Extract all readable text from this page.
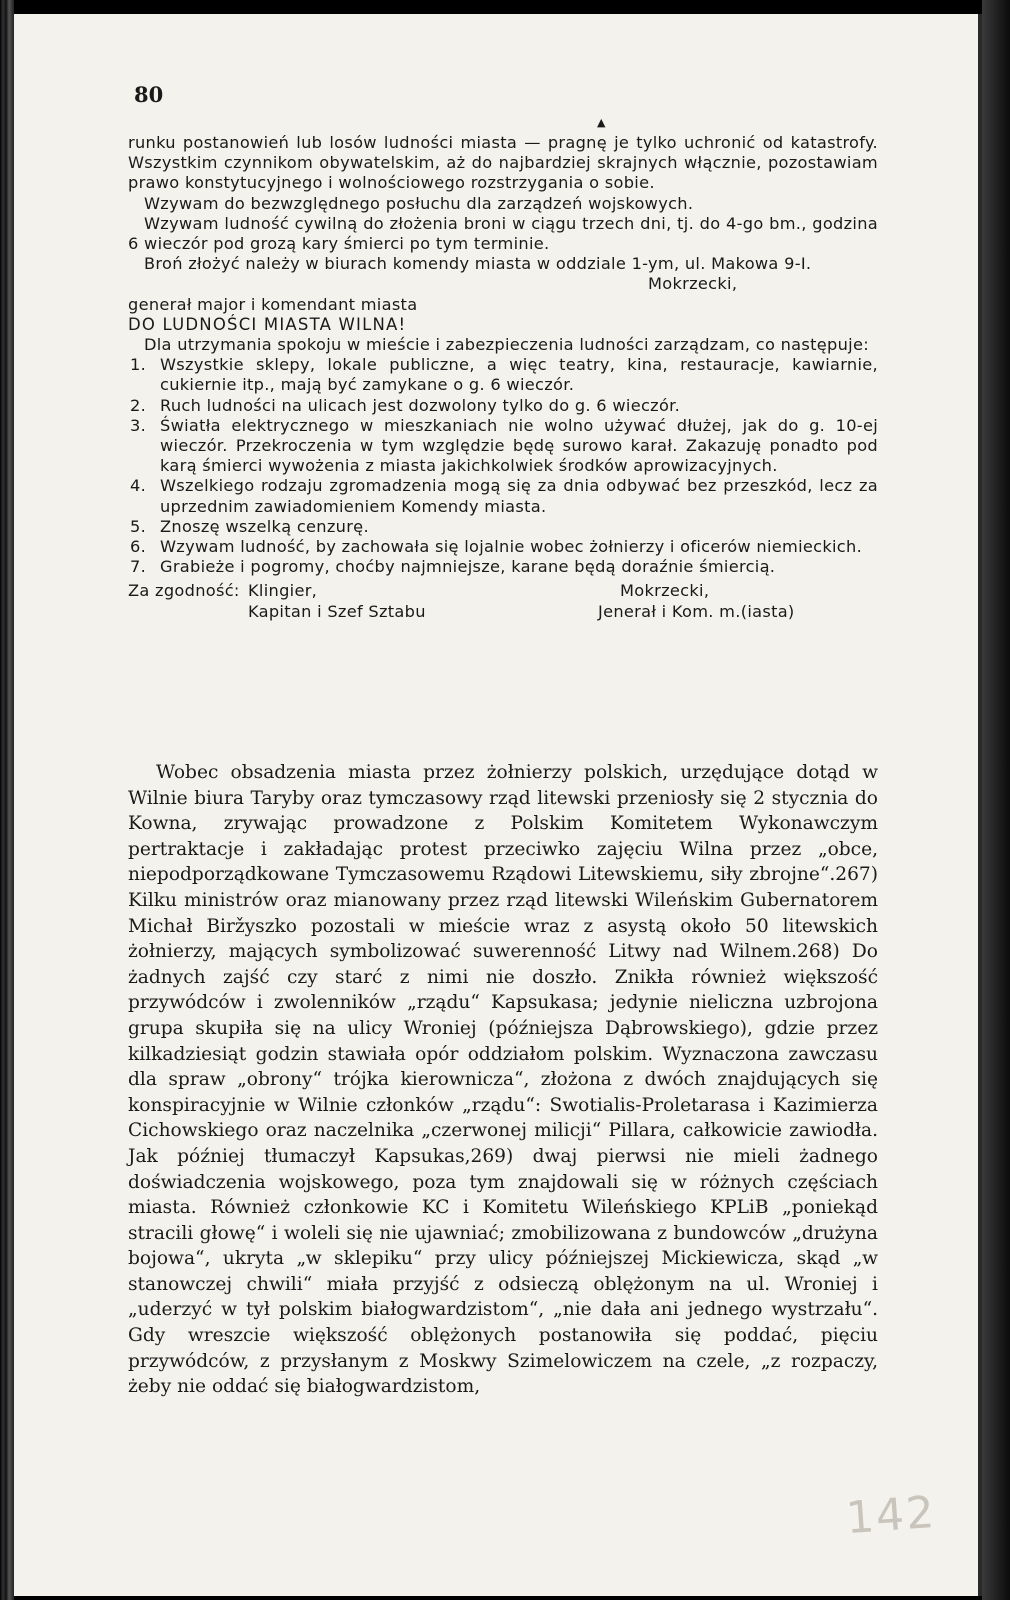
80
▲

runku postanowień lub losów ludności miasta — pragnę je tylko uchronić od katastrofy. Wszystkim czynnikom obywatelskim, aż do najbardziej skrajnych włącznie, pozostawiam prawo konstytucyjnego i wolnościowego rozstrzygania o sobie.

Wzywam do bezwzględnego posłuchu dla zarządzeń wojskowych.

Wzywam ludność cywilną do złożenia broni w ciągu trzech dni, tj. do 4-go bm., godzina 6 wieczór pod grozą kary śmierci po tym terminie.

Broń złożyć należy w biurach komendy miasta w oddziale 1-ym, ul. Makowa 9-I.

Mokrzecki,

generał major i komendant miasta

DO LUDNOŚCI MIASTA WILNA!

Dla utrzymania spokoju w mieście i zabezpieczenia ludności zarządzam, co następuje:

1. Wszystkie sklepy, lokale publiczne, a więc teatry, kina, restauracje, kawiarnie, cukiernie itp., mają być zamykane o g. 6 wieczór.
2. Ruch ludności na ulicach jest dozwolony tylko do g. 6 wieczór.
3. Światła elektrycznego w mieszkaniach nie wolno używać dłużej, jak do g. 10-ej wieczór. Przekroczenia w tym względzie będę surowo karał. Zakazuję ponadto pod karą śmierci wywożenia z miasta jakichkolwiek środków aprowizacyjnych.
4. Wszelkiego rodzaju zgromadzenia mogą się za dnia odbywać bez przeszkód, lecz za uprzednim zawiadomieniem Komendy miasta.
5. Znoszę wszelką cenzurę.
6. Wzywam ludność, by zachowała się lojalnie wobec żołnierzy i oficerów niemieckich.
7. Grabieże i pogromy, choćby najmniejsze, karane będą doraźnie śmiercią.
Za zgodność: Klingier,
Kapitan i Szef Sztabu
Mokrzecki,
Jenerał i Kom. m.(iasta)

Wobec obsadzenia miasta przez żołnierzy polskich, urzędujące dotąd w Wilnie biura Taryby oraz tymczasowy rząd litewski przeniosły się 2 stycznia do Kowna, zrywając prowadzone z Polskim Komitetem Wykonawczym pertraktacje i zakładając protest przeciwko zajęciu Wilna przez „obce, niepodporządkowane Tymczasowemu Rządowi Litewskiemu, siły zbrojne“.267) Kilku ministrów oraz mianowany przez rząd litewski Wileńskim Gubernatorem Michał Biržyszko pozostali w mieście wraz z asystą około 50 litewskich żołnierzy, mających symbolizować suwerenność Litwy nad Wilnem.268) Do żadnych zajść czy starć z nimi nie doszło. Znikła również większość przywódców i zwolenników „rządu“ Kapsukasa; jedynie nieliczna uzbrojona grupa skupiła się na ulicy Wroniej (późniejsza Dąbrowskiego), gdzie przez kilkadziesiąt godzin stawiała opór oddziałom polskim. Wyznaczona zawczasu dla spraw „obrony“ trójka kierownicza“, złożona z dwóch znajdujących się konspiracyjnie w Wilnie członków „rządu“: Swotialis-Proletarasa i Kazimierza Cichowskiego oraz naczelnika „czerwonej milicji“ Pillara, całkowicie zawiodła. Jak później tłumaczył Kapsukas,269) dwaj pierwsi nie mieli żadnego doświadczenia wojskowego, poza tym znajdowali się w różnych częściach miasta. Również członkowie KC i Komitetu Wileńskiego KPLiB „poniekąd stracili głowę“ i woleli się nie ujawniać; zmobilizowana z bundowców „drużyna bojowa“, ukryta „w sklepiku“ przy ulicy późniejszej Mickiewicza, skąd „w stanowczej chwili“ miała przyjść z odsieczą oblężonym na ul. Wroniej i „uderzyć w tył polskim białogwardzistom“, „nie dała ani jednego wystrzału“. Gdy wreszcie większość oblężonych postanowiła się poddać, pięciu przywódców, z przysłanym z Moskwy Szimelowiczem na czele, „z rozpaczy, żeby nie oddać się białogwardzistom,

142
